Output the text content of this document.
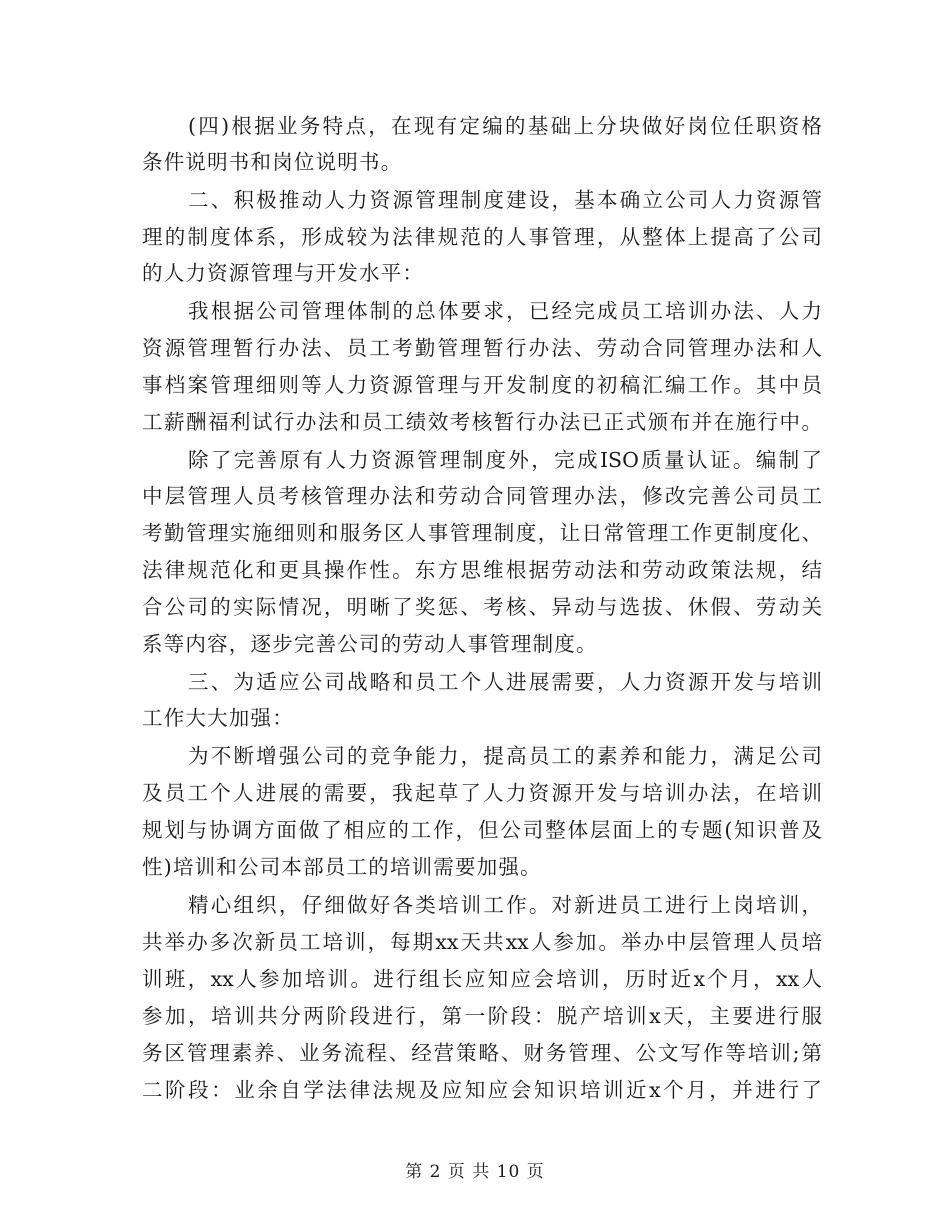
(四)根据业务特点，在现有定编的基础上分块做好岗位任职资格
条件说明书和岗位说明书。
二、积极推动人力资源管理制度建设，基本确立公司人力资源管
理的制度体系，形成较为法律规范的人事管理，从整体上提高了公司
的人力资源管理与开发水平：
我根据公司管理体制的总体要求，已经完成员工培训办法、人力
资源管理暂行办法、员工考勤管理暂行办法、劳动合同管理办法和人
事档案管理细则等人力资源管理与开发制度的初稿汇编工作。其中员
工薪酬福利试行办法和员工绩效考核暂行办法已正式颁布并在施行中。
除了完善原有人力资源管理制度外，完成ISO质量认证。编制了
中层管理人员考核管理办法和劳动合同管理办法，修改完善公司员工
考勤管理实施细则和服务区人事管理制度，让日常管理工作更制度化、
法律规范化和更具操作性。东方思维根据劳动法和劳动政策法规，结
合公司的实际情况，明晰了奖惩、考核、异动与选拔、休假、劳动关
系等内容，逐步完善公司的劳动人事管理制度。
三、为适应公司战略和员工个人进展需要，人力资源开发与培训
工作大大加强：
为不断增强公司的竞争能力，提高员工的素养和能力，满足公司
及员工个人进展的需要，我起草了人力资源开发与培训办法，在培训
规划与协调方面做了相应的工作，但公司整体层面上的专题(知识普及
性)培训和公司本部员工的培训需要加强。
精心组织，仔细做好各类培训工作。对新进员工进行上岗培训，
共举办多次新员工培训，每期xx天共xx人参加。举办中层管理人员培
训班，xx人参加培训。进行组长应知应会培训，历时近x个月，xx人
参加，培训共分两阶段进行，第一阶段：脱产培训x天，主要进行服
务区管理素养、业务流程、经营策略、财务管理、公文写作等培训;第
二阶段：业余自学法律法规及应知应会知识培训近x个月，并进行了
第 2 页 共 10 页
